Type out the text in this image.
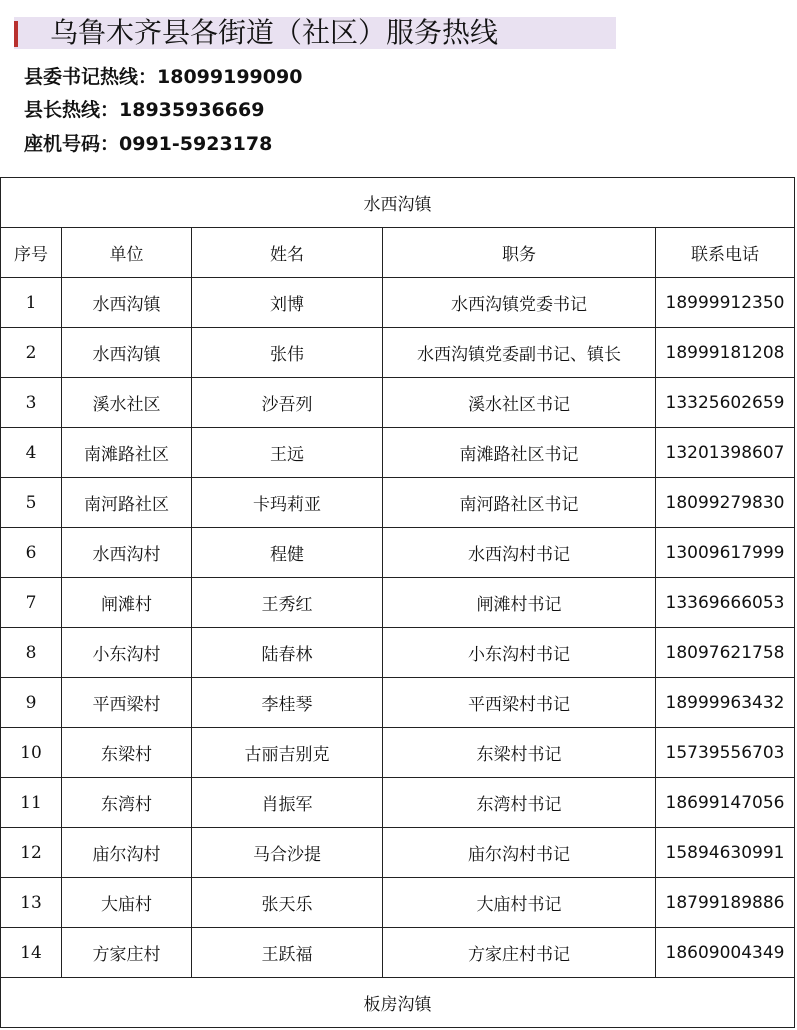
乌鲁木齐县各街道（社区）服务热线
县委书记热线：18099199090
县长热线：18935936669
座机号码：0991-5923178
水西沟镇				
序号	单位	姓名	职务	联系电话
1	水西沟镇	刘博	水西沟镇党委书记	18999912350
2	水西沟镇	张伟	水西沟镇党委副书记、镇长	18999181208
3	溪水社区	沙吾列	溪水社区书记	13325602659
4	南滩路社区	王远	南滩路社区书记	13201398607
5	南河路社区	卡玛莉亚	南河路社区书记	18099279830
6	水西沟村	程健	水西沟村书记	13009617999
7	闸滩村	王秀红	闸滩村书记	13369666053
8	小东沟村	陆春林	小东沟村书记	18097621758
9	平西梁村	李桂琴	平西梁村书记	18999963432
10	东梁村	古丽吉别克	东梁村书记	15739556703
11	东湾村	肖振军	东湾村书记	18699147056
12	庙尔沟村	马合沙提	庙尔沟村书记	15894630991
13	大庙村	张天乐	大庙村书记	18799189886
14	方家庄村	王跃福	方家庄村书记	18609004349
板房沟镇				
